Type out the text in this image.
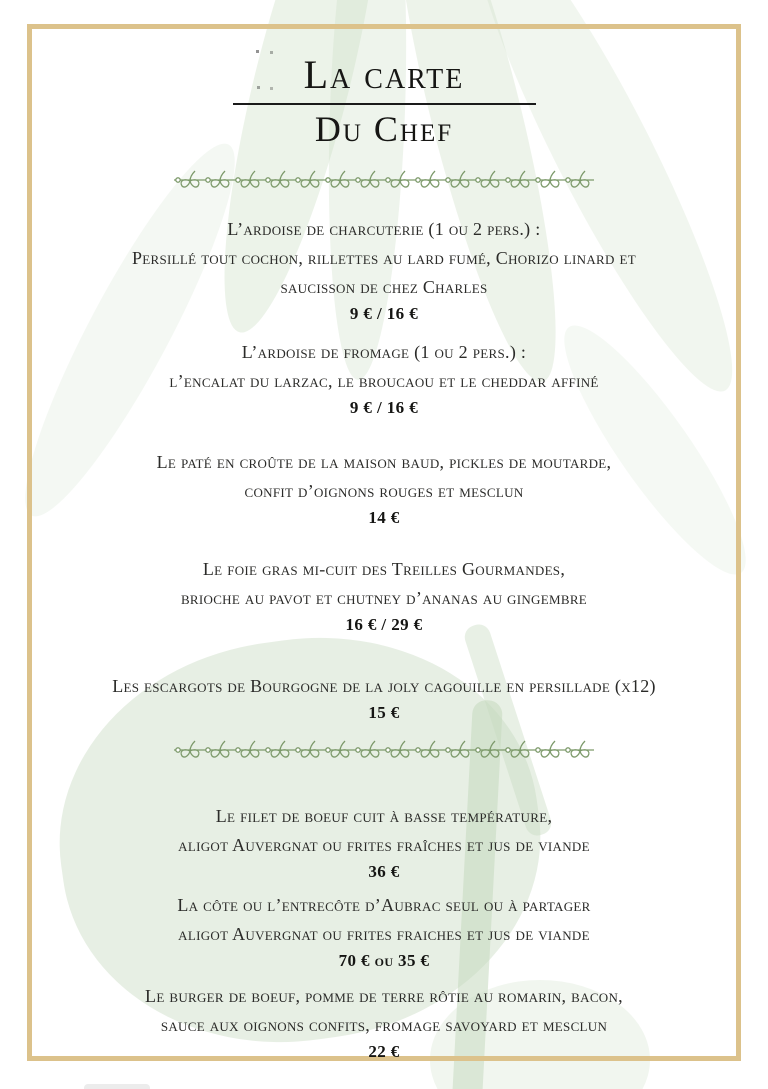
La carte
Du Chef

L’ardoise de charcuterie (1 ou 2 pers.) :

Persillé tout cochon, rillettes au lard fumé, Chorizo linard et

saucisson de chez Charles

9 € / 16 €

L’ardoise de fromage (1 ou 2 pers.) :

l’encalat du larzac, le broucaou et le cheddar affiné

9 € / 16 €

Le paté en croûte de la maison baud, pickles de moutarde,

confit d’oignons rouges et mesclun

14 €

Le foie gras mi-cuit des Treilles Gourmandes,

brioche au pavot et chutney d’ananas au gingembre

16 € / 29 €

Les escargots de Bourgogne de la joly cagouille en persillade (x12)

15 €

Le filet de boeuf cuit à basse température,

aligot Auvergnat ou frites fraîches et jus de viande

36 €

La côte ou l’entrecôte d’Aubrac seul ou à partager

aligot Auvergnat ou frites fraiches et jus de viande

70 € ou 35 €

Le burger de boeuf, pomme de terre rôtie au romarin, bacon,

sauce aux oignons confits, fromage savoyard et mesclun

22 €
